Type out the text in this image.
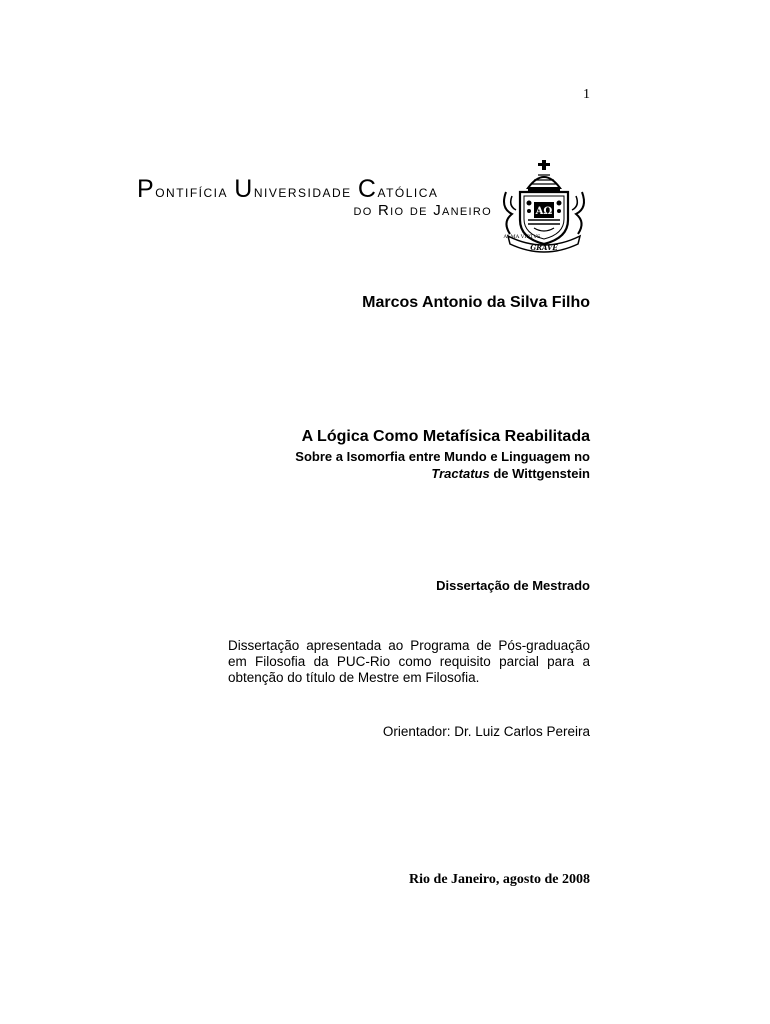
1
Pontifícia Universidade Católica
do Rio de Janeiro	ΑΩ
ALMA VIRTVS
GRAVE
Marcos Antonio da Silva Filho
A Lógica Como Metafísica Reabilitada
Sobre a Isomorfia entre Mundo e Linguagem no
Tractatus de Wittgenstein
Dissertação de Mestrado
Dissertação apresentada ao Programa de Pós-graduação em Filosofia da PUC-Rio como requisito parcial para a obtenção do título de Mestre em Filosofia.
Orientador: Dr. Luiz Carlos Pereira
Rio de Janeiro, agosto de 2008
